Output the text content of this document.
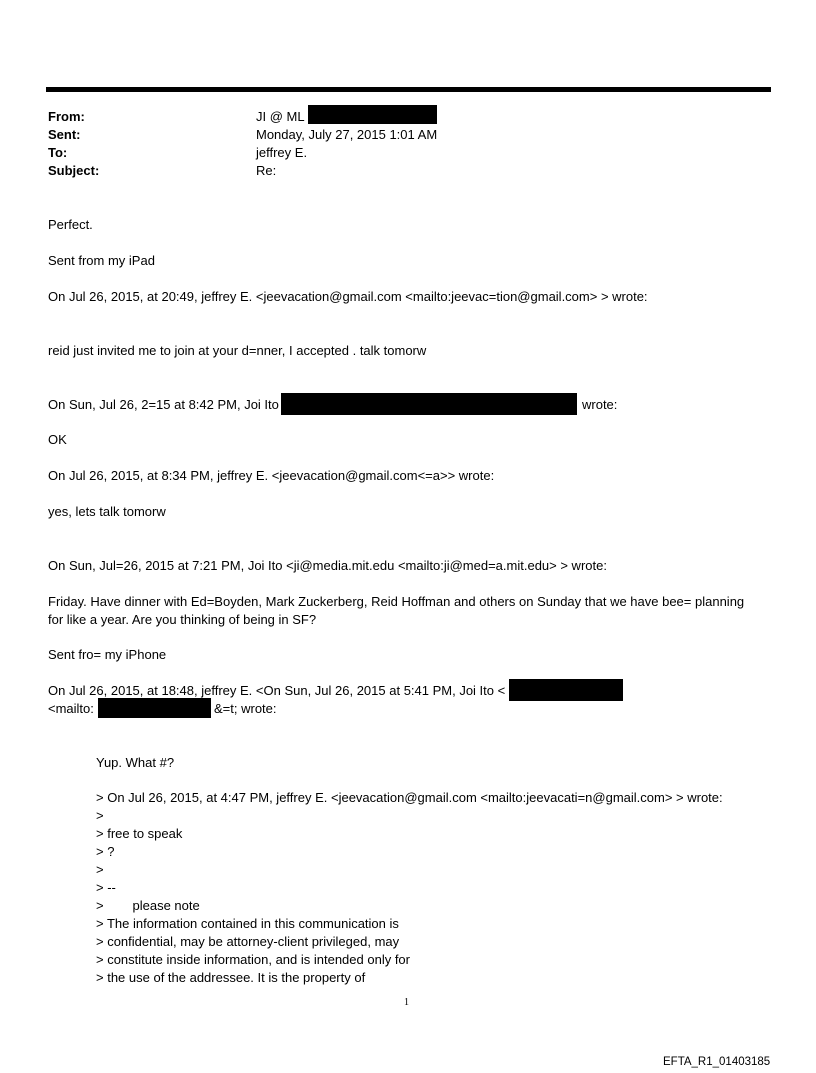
From:
Sent:
To:
Subject:
JI @ ML
Monday, July 27, 2015 1:01 AM
jeffrey E.
Re:
Perfect.
Sent from my iPad
On Jul 26, 2015, at 20:49, jeffrey E. <jeevacation@gmail.com <mailto:jeevac=tion@gmail.com> > wrote:
reid just invited me to join at your d=nner, I accepted . talk tomorw
On Sun, Jul 26, 2=15 at 8:42 PM, Joi Ito	wrote:
OK
On Jul 26, 2015, at 8:34 PM, jeffrey E. <jeevacation@gmail.com<=a>> wrote:
yes, lets talk tomorw
On Sun, Jul=26, 2015 at 7:21 PM, Joi Ito <ji@media.mit.edu <mailto:ji@med=a.mit.edu> > wrote:
Friday. Have dinner with Ed=Boyden, Mark Zuckerberg, Reid Hoffman and others on Sunday that we have bee= planning
for like a year. Are you thinking of being in SF?
Sent fro= my iPhone
On Jul 26, 2015, at 18:48, jeffrey E. <On Sun, Jul 26, 2015 at 5:41 PM, Joi Ito <
<mailto:	&=t; wrote:
Yup. What #?
> On Jul 26, 2015, at 4:47 PM, jeffrey E. <jeevacation@gmail.com <mailto:jeevacati=n@gmail.com> > wrote:
>
> free to speak
> ?
>
> --
>        please note
> The information contained in this communication is
> confidential, may be attorney-client privileged, may
> constitute inside information, and is intended only for
> the use of the addressee. It is the property of
1
EFTA_R1_01403185
